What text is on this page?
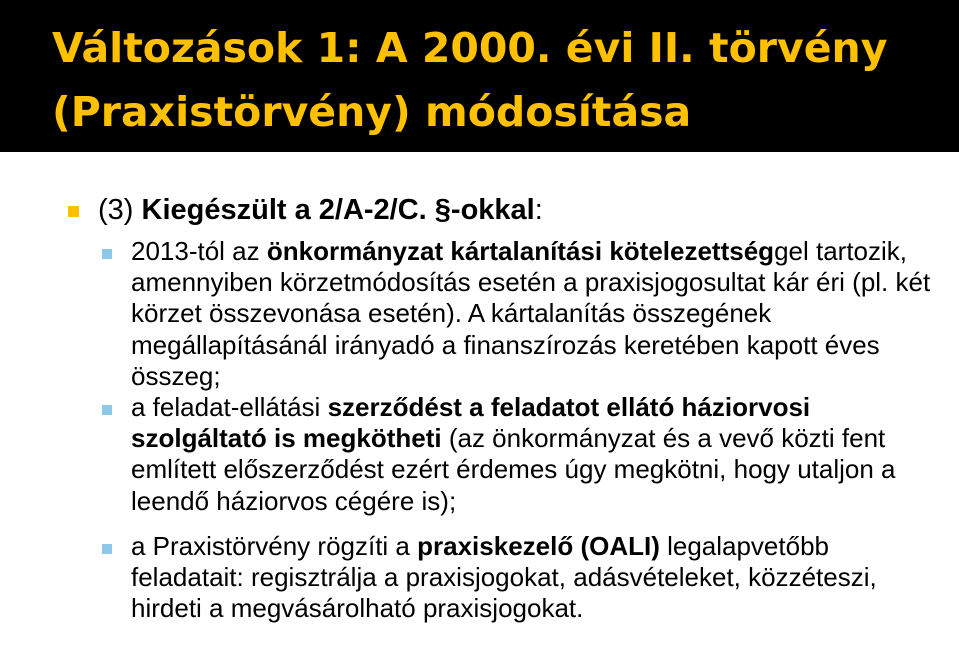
Változások 1: A 2000. évi II. törvény
(Praxistörvény) módosítása
(3) Kiegészült a 2/A-2/C. §-okkal:
2013-tól az önkormányzat kártalanítási kötelezettséggel tartozik, amennyiben körzetmódosítás esetén a praxisjogosultat kár éri (pl. két körzet összevonása esetén). A kártalanítás összegének megállapításánál irányadó a finanszírozás keretében kapott éves összeg;
a feladat-ellátási szerződést a feladatot ellátó háziorvosi szolgáltató is megkötheti (az önkormányzat és a vevő közti fent említett előszerződést ezért érdemes úgy megkötni, hogy utaljon a leendő háziorvos cégére is);
a Praxistörvény rögzíti a praxiskezelő (OALI) legalapvetőbb feladatait: regisztrálja a praxisjogokat, adásvételeket, közzéteszi, hirdeti a megvásárolható praxisjogokat.
